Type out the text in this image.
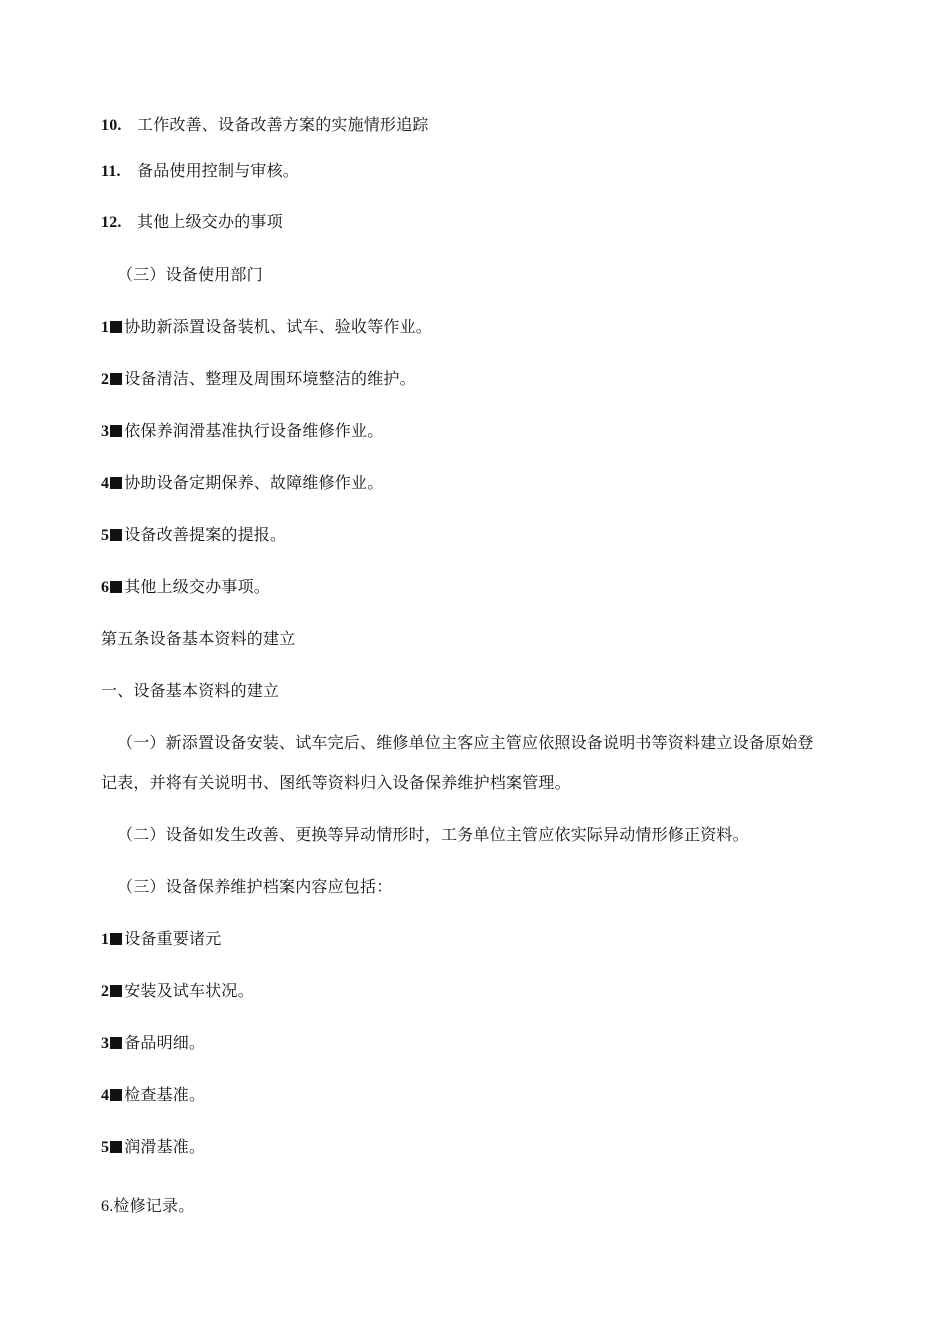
10. 工作改善、设备改善方案的实施情形追踪
11. 备品使用控制与审核。
12. 其他上级交办的事项
（三）设备使用部门
1 协助新添置设备装机、试车、验收等作业。
2 设备清洁、整理及周围环境整洁的维护。
3 依保养润滑基准执行设备维修作业。
4 协助设备定期保养、故障维修作业。
5 设备改善提案的提报。
6 其他上级交办事项。
第五条设备基本资料的建立
一、设备基本资料的建立
（一）新添置设备安装、试车完后、维修单位主客应主管应依照设备说明书等资料建立设备原始登
记表，并将有关说明书、图纸等资料归入设备保养维护档案管理。
（二）设备如发生改善、更换等异动情形时，工务单位主管应依实际异动情形修正资料。
（三）设备保养维护档案内容应包括：
1 设备重要诸元
2 安装及试车状况。
3 备品明细。
4 检查基准。
5 润滑基准。
6.检修记录。
